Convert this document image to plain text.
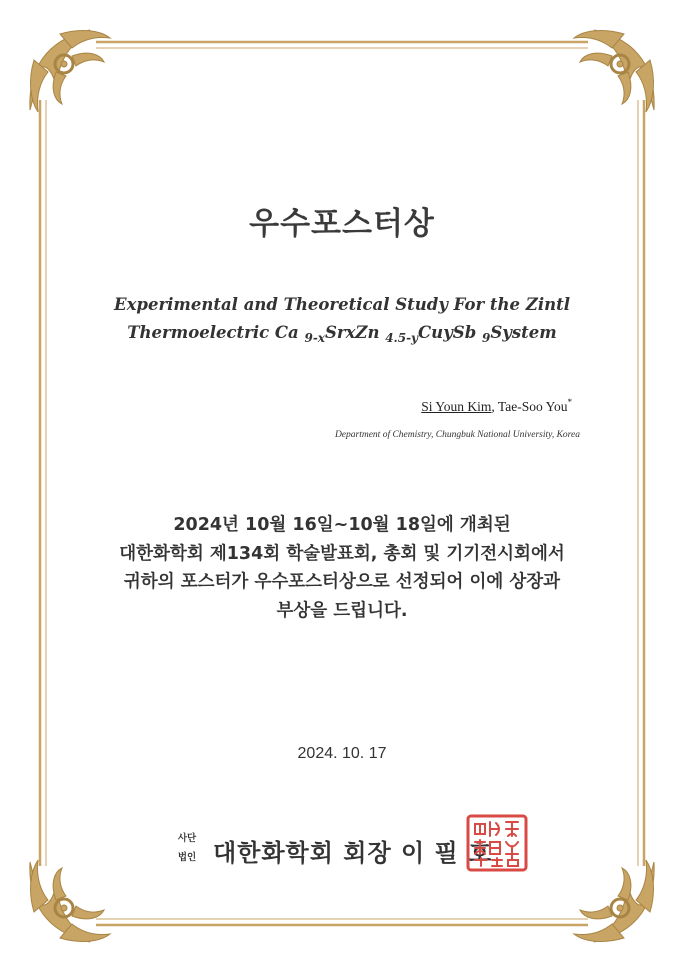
우수포스터상
Experimental and Theoretical Study For the Zintl
Thermoelectric Ca $_{9-x}$SrxZn $_{4.5-y}$CuySb $_9$System
Si Youn Kim, Tae-Soo You*
Department of Chemistry, Chungbuk National University, Korea
2024년 10월 16일~10월 18일에 개최된
대한화학회 제134회 학술발표회, 총회 및 기기전시회에서
귀하의 포스터가 우수포스터상으로 선정되어 이에 상장과
부상을 드립니다.
2024. 10. 17
사단
법인 대한화학회 회장 이 필 호
